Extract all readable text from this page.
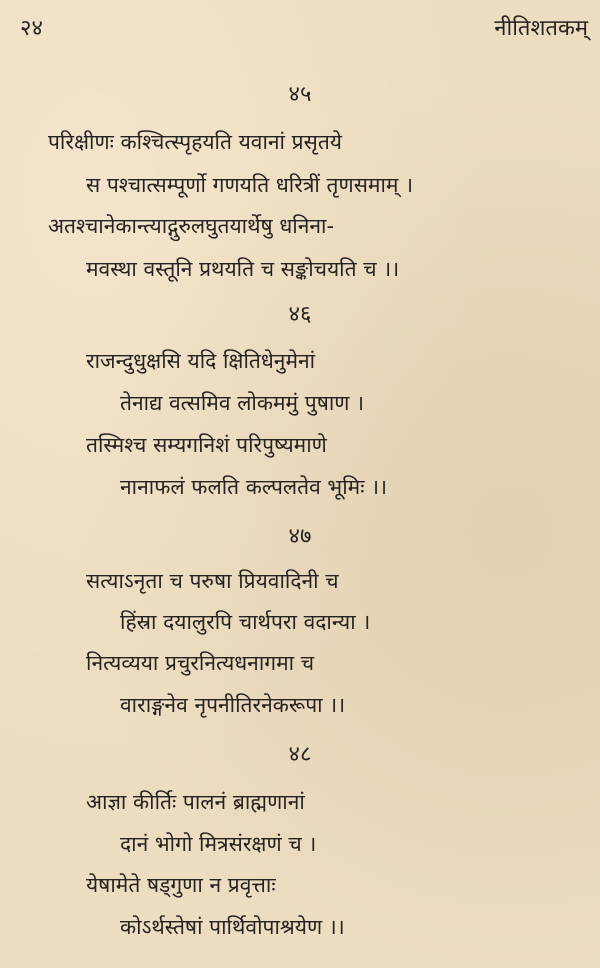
२४	नीतिशतकम्
४५
परिक्षीणः कश्चित्स्पृहयति यवानां प्रसृतये
स पश्चात्सम्पूर्णो गणयति धरित्रीं तृणसमाम् ।
अतश्चानेकान्त्याद्गुरुलघुतयार्थेषु धनिना-
मवस्था वस्तूनि प्रथयति च सङ्कोचयति च ।।
४६
राजन्दुधुक्षसि यदि क्षितिधेनुमेनां
तेनाद्य वत्समिव लोकममुं पुषाण ।
तस्मिश्च सम्यगनिशं परिपुष्यमाणे
नानाफलं फलति कल्पलतेव भूमिः ।।
४७
सत्याऽनृता च परुषा प्रियवादिनी च
हिंस्रा दयालुरपि चार्थपरा वदान्या ।
नित्यव्यया प्रचुरनित्यधनागमा च
वाराङ्गनेव नृपनीतिरनेकरूपा ।।
४८
आज्ञा कीर्तिः पालनं ब्राह्मणानां
दानं भोगो मित्रसंरक्षणं च ।
येषामेते षड्गुणा न प्रवृत्ताः
कोऽर्थस्तेषां पार्थिवोपाश्रयेण ।।
